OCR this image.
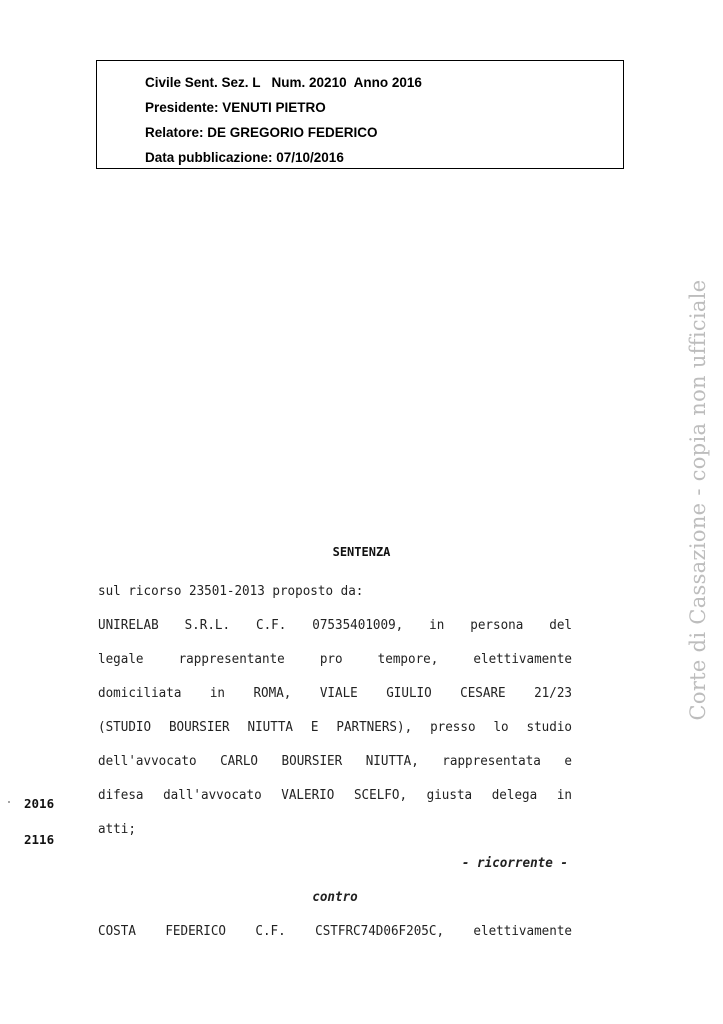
Civile Sent. Sez. L   Num. 20210  Anno 2016
Presidente: VENUTI PIETRO
Relatore: DE GREGORIO FEDERICO
Data pubblicazione: 07/10/2016
Corte di Cassazione - copia non ufficiale
SENTENZA
sul ricorso 23501-2013 proposto da:
UNIRELAB S.R.L. C.F. 07535401009, in persona del
legale rappresentante pro tempore, elettivamente
domiciliata in ROMA, VIALE GIULIO CESARE 21/23
(STUDIO BOURSIER NIUTTA E PARTNERS), presso lo studio
dell'avvocato CARLO BOURSIER NIUTTA, rappresentata e
difesa dall'avvocato VALERIO SCELFO, giusta delega in
atti;
- ricorrente -
contro
COSTA FEDERICO C.F. CSTFRC74D06F205C, elettivamente
2016
2116
